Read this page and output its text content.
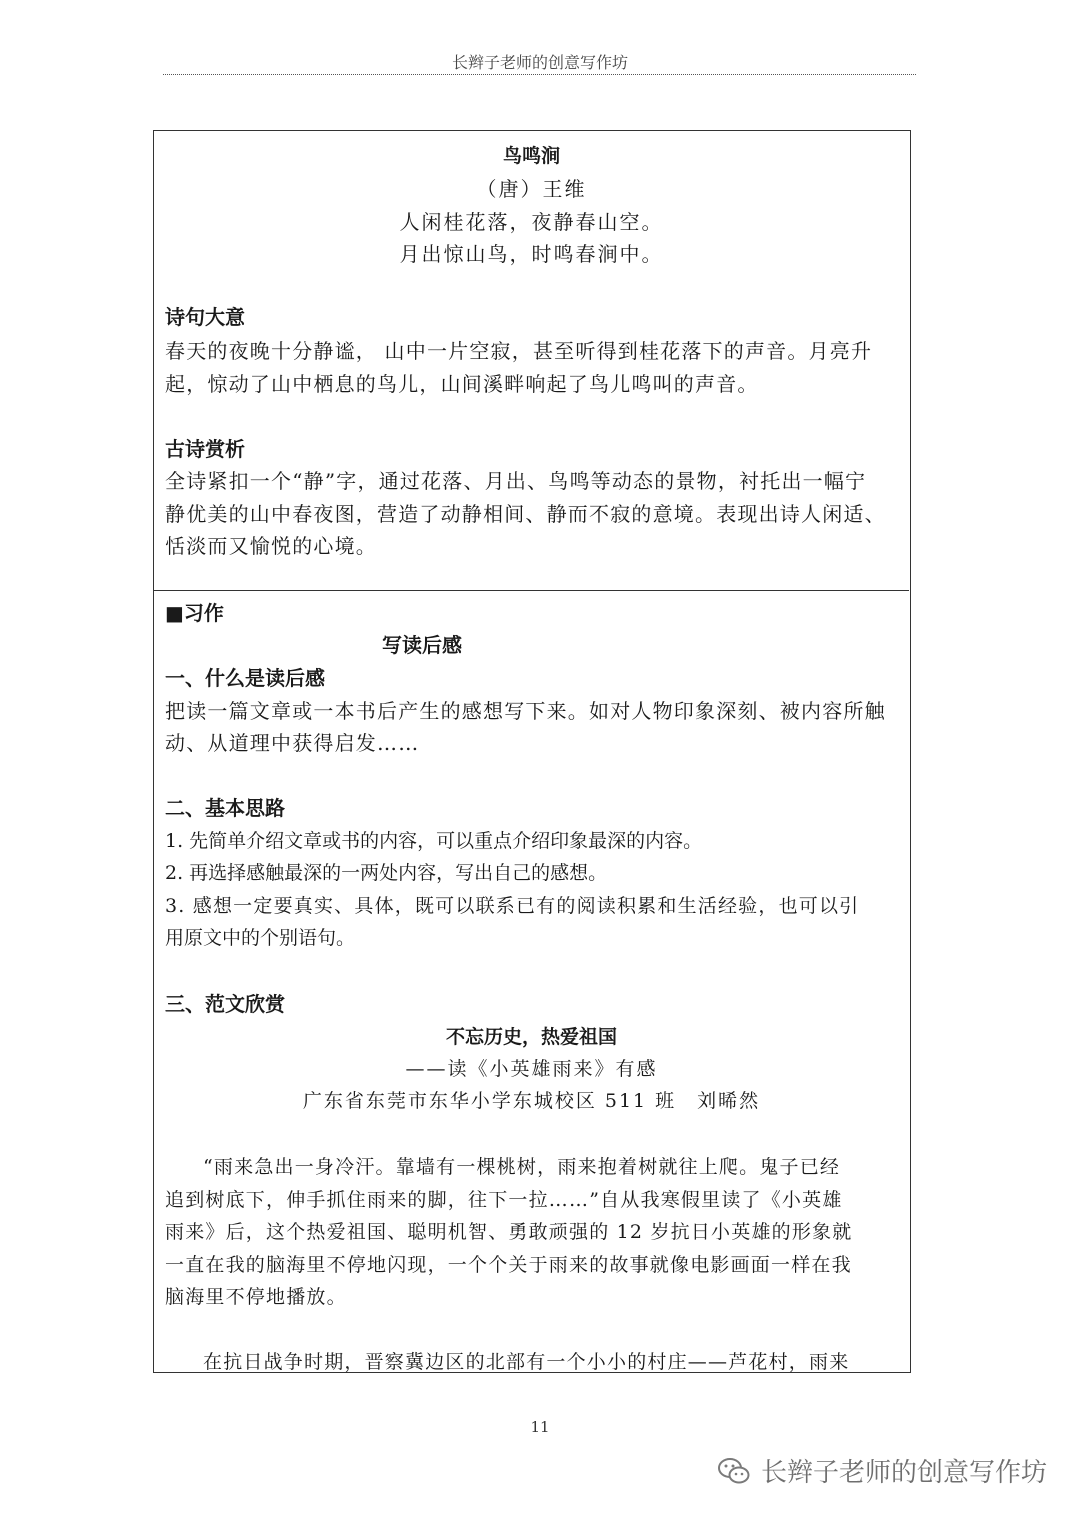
长辫子老师的创意写作坊
鸟鸣涧
（唐）王维
人闲桂花落，夜静春山空。
月出惊山鸟，时鸣春涧中。
诗句大意
春天的夜晚十分静谧， 山中一片空寂，甚至听得到桂花落下的声音。月亮升
起，惊动了山中栖息的鸟儿，山间溪畔响起了鸟儿鸣叫的声音。
古诗赏析
全诗紧扣一个“静”字，通过花落、月出、鸟鸣等动态的景物，衬托出一幅宁
静优美的山中春夜图，营造了动静相间、静而不寂的意境。表现出诗人闲适、
恬淡而又愉悦的心境。
■习作
写读后感
一、什么是读后感
把读一篇文章或一本书后产生的感想写下来。如对人物印象深刻、被内容所触
动、从道理中获得启发……
二、基本思路
1. 先简单介绍文章或书的内容，可以重点介绍印象最深的内容。
2. 再选择感触最深的一两处内容，写出自己的感想。
3. 感想一定要真实、具体，既可以联系已有的阅读积累和生活经验，也可以引
用原文中的个别语句。
三、范文欣赏
不忘历史，热爱祖国
——读《小英雄雨来》有感
广东省东莞市东华小学东城校区 511 班　刘晞然
“雨来急出一身冷汗。靠墙有一棵桃树，雨来抱着树就往上爬。鬼子已经
追到树底下，伸手抓住雨来的脚，往下一拉……”自从我寒假里读了《小英雄
雨来》后，这个热爱祖国、聪明机智、勇敢顽强的 12 岁抗日小英雄的形象就
一直在我的脑海里不停地闪现，一个个关于雨来的故事就像电影画面一样在我
脑海里不停地播放。
在抗日战争时期，晋察冀边区的北部有一个小小的村庄——芦花村，雨来
11
长辫子老师的创意写作坊
